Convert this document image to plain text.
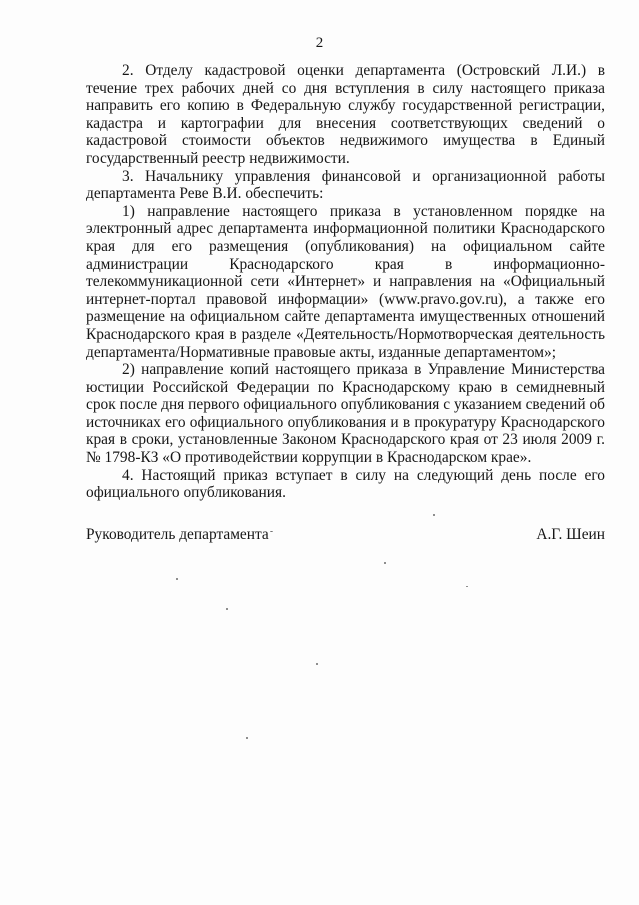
2

2. Отделу кадастровой оценки департамента (Островский Л.И.) в течение трех рабочих дней со дня вступления в силу настоящего приказа направить его копию в Федеральную службу государственной регистрации, кадастра и картографии для внесения соответствующих сведений о кадастровой стоимости объектов недвижимого имущества в Единый государственный реестр недвижимости.

3. Начальнику управления финансовой и организационной работы департамента Реве В.И. обеспечить:

1) направление настоящего приказа в установленном порядке на электронный адрес департамента информационной политики Краснодарского края для его размещения (опубликования) на официальном сайте администрации Краснодарского края в информационно-телекоммуникационной сети «Интернет» и направления на «Официальный интернет-портал правовой информации» (www.pravo.gov.ru), а также его размещение на официальном сайте департамента имущественных отношений Краснодарского края в разделе «Деятельность/Нормотворческая деятельность департамента/Нормативные правовые акты, изданные департаментом»;

2) направление копий настоящего приказа в Управление Министерства юстиции Российской Федерации по Краснодарскому краю в семидневный срок после дня первого официального опубликования с указанием сведений об источниках его официального опубликования и в прокуратуру Краснодарского края в сроки, установленные Законом Краснодарского края от 23 июля 2009 г. № 1798-КЗ «О противодействии коррупции в Краснодарском крае».

4. Настоящий приказ вступает в силу на следующий день после его официального опубликования.

Руководитель департамента	А.Г. Шеин
